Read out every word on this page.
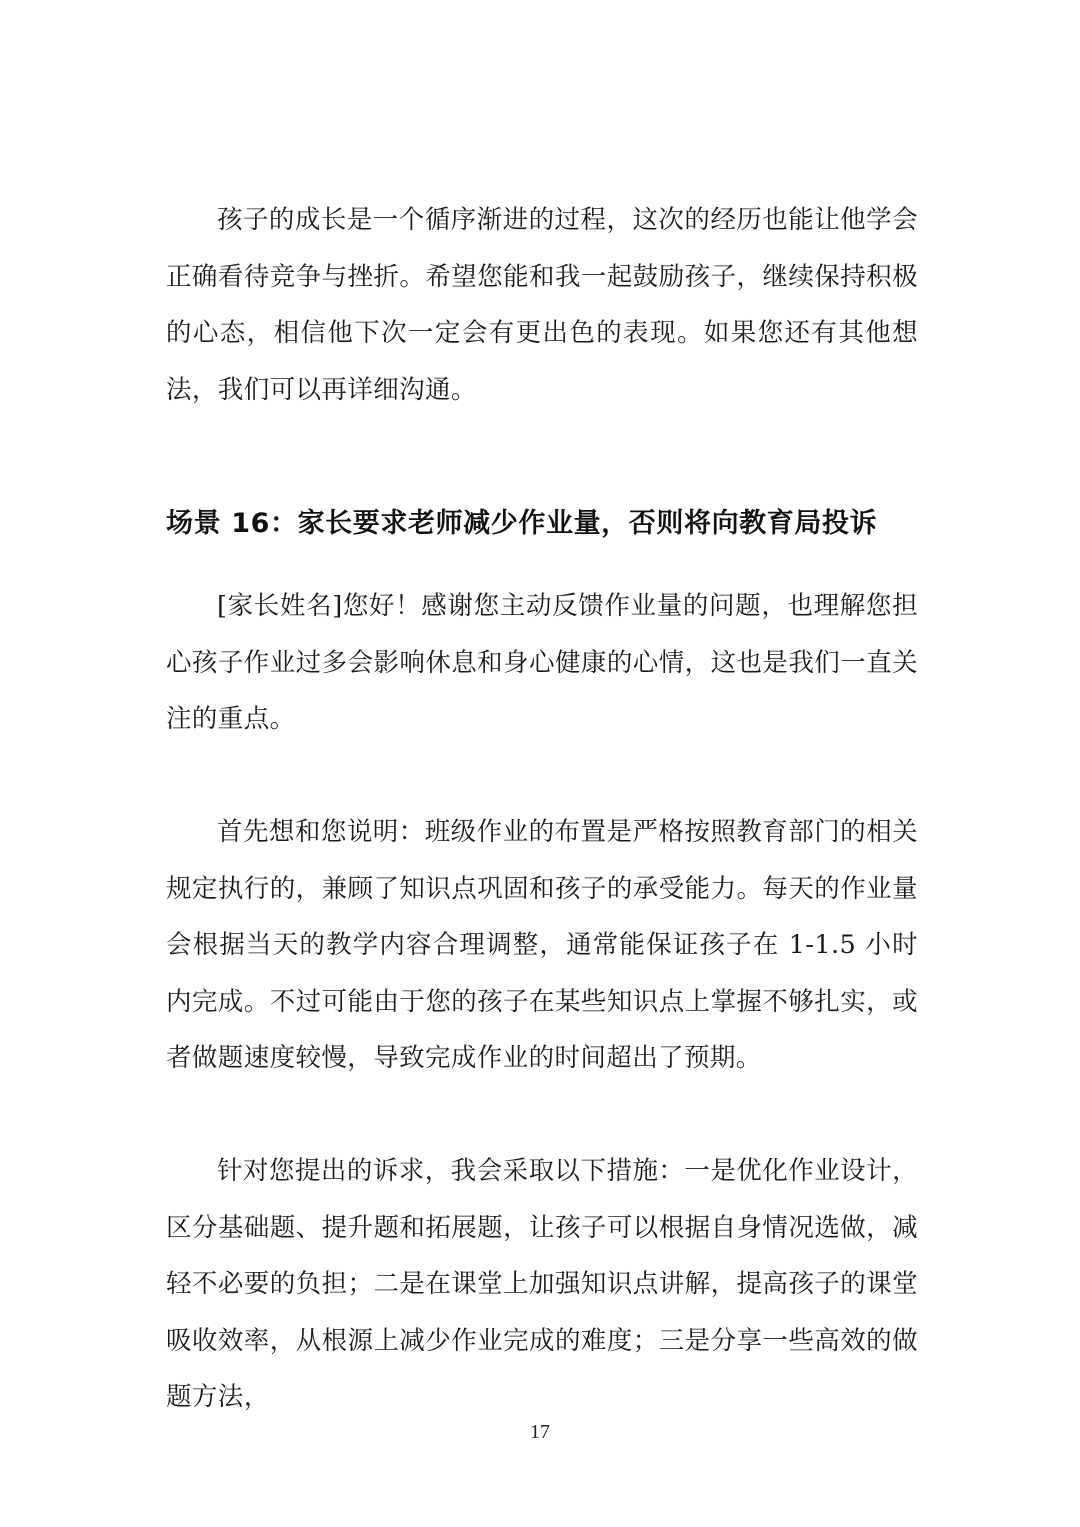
孩子的成长是一个循序渐进的过程，这次的经历也能让他学会正确看待竞争与挫折。希望您能和我一起鼓励孩子，继续保持积极的心态，相信他下次一定会有更出色的表现。如果您还有其他想法，我们可以再详细沟通。

场景 16：家长要求老师减少作业量，否则将向教育局投诉

[家长姓名]您好！感谢您主动反馈作业量的问题，也理解您担心孩子作业过多会影响休息和身心健康的心情，这也是我们一直关注的重点。

首先想和您说明：班级作业的布置是严格按照教育部门的相关规定执行的，兼顾了知识点巩固和孩子的承受能力。每天的作业量会根据当天的教学内容合理调整，通常能保证孩子在 1-1.5 小时内完成。不过可能由于您的孩子在某些知识点上掌握不够扎实，或者做题速度较慢，导致完成作业的时间超出了预期。

针对您提出的诉求，我会采取以下措施：一是优化作业设计，区分基础题、提升题和拓展题，让孩子可以根据自身情况选做，减轻不必要的负担；二是在课堂上加强知识点讲解，提高孩子的课堂吸收效率，从根源上减少作业完成的难度；三是分享一些高效的做题方法，

17
